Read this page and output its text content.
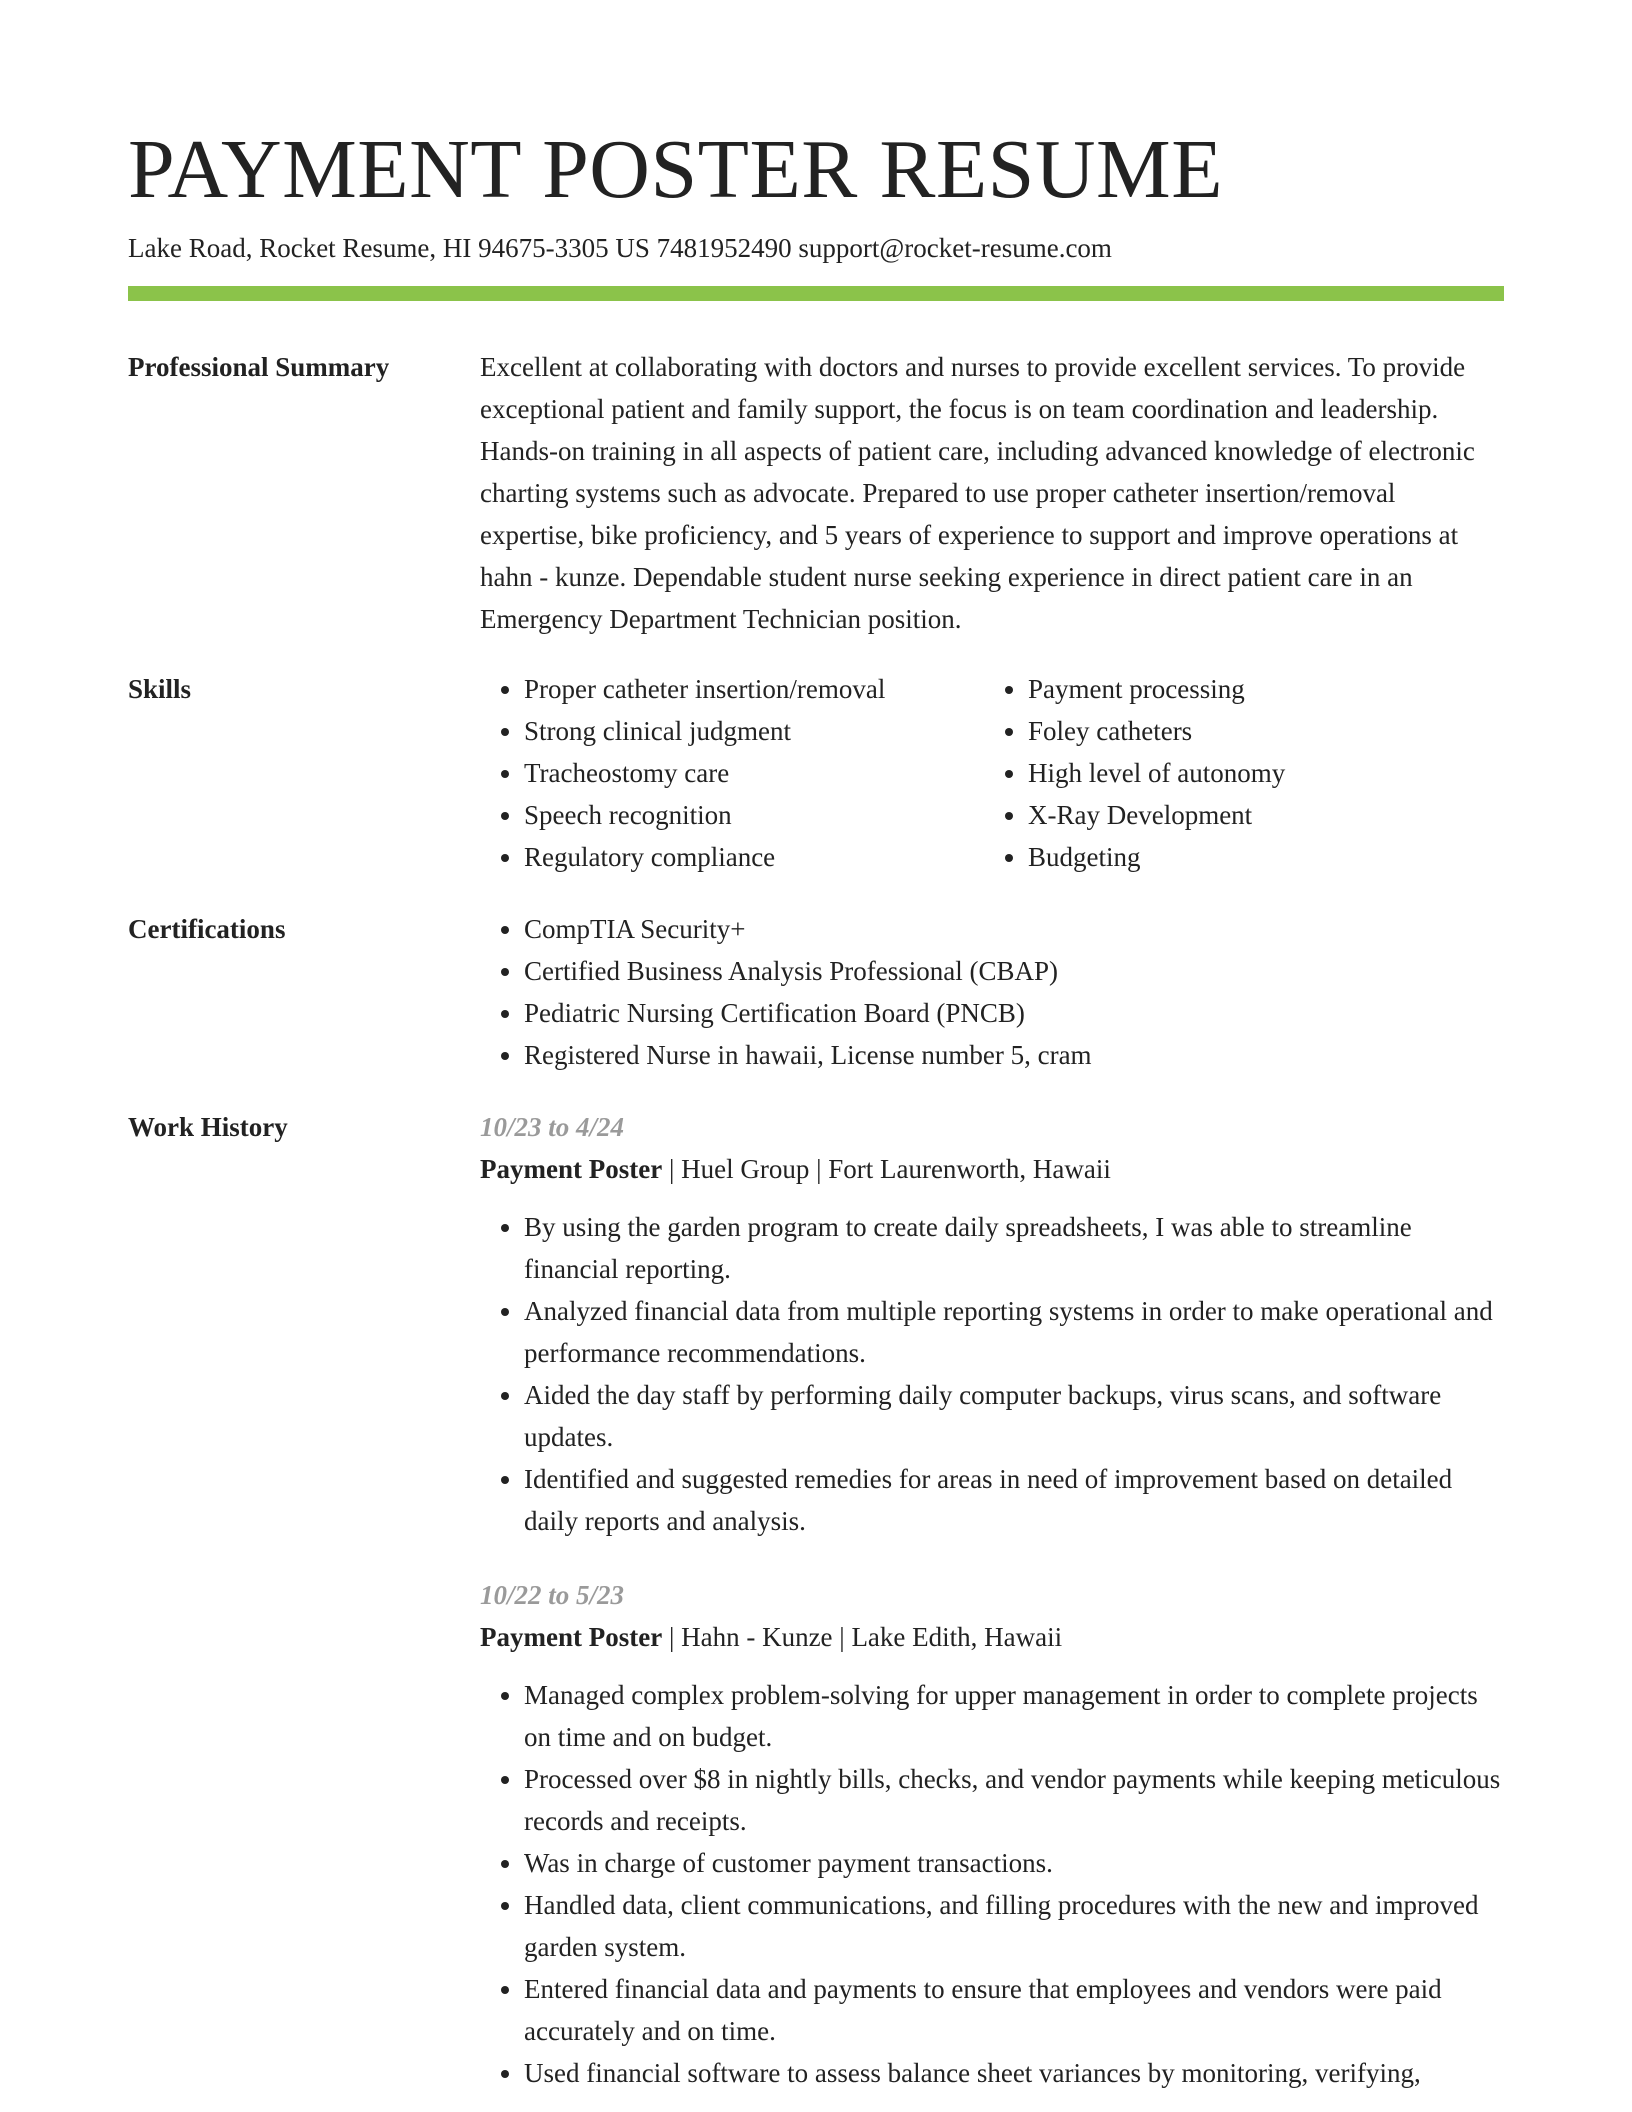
PAYMENT POSTER RESUME
Lake Road, Rocket Resume, HI 94675-3305 US 7481952490 support@rocket-resume.com
Professional Summary	Excellent at collaborating with doctors and nurses to provide excellent services. To provide exceptional patient and family support, the focus is on team coordination and leadership. Hands-on training in all aspects of patient care, including advanced knowledge of electronic charting systems such as advocate. Prepared to use proper catheter insertion/removal expertise, bike proficiency, and 5 years of experience to support and improve operations at hahn - kunze. Dependable student nurse seeking experience in direct patient care in an Emergency Department Technician position.

Skills	• Proper catheter insertion/removal
• Strong clinical judgment
• Tracheostomy care
• Speech recognition
• Regulatory compliance
• Payment processing
• Foley catheters
• High level of autonomy
• X-Ray Development
• Budgeting
Certifications	• CompTIA Security+
• Certified Business Analysis Professional (CBAP)
• Pediatric Nursing Certification Board (PNCB)
• Registered Nurse in hawaii, License number 5, cram
Work History	10/23 to 4/24
Payment Poster | Huel Group | Fort Laurenworth, Hawaii
• By using the garden program to create daily spreadsheets, I was able to streamline financial reporting.
• Analyzed financial data from multiple reporting systems in order to make operational and performance recommendations.
• Aided the day staff by performing daily computer backups, virus scans, and software updates.
• Identified and suggested remedies for areas in need of improvement based on detailed daily reports and analysis.
10/22 to 5/23
Payment Poster | Hahn - Kunze | Lake Edith, Hawaii
• Managed complex problem-solving for upper management in order to complete projects on time and on budget.
• Processed over $8 in nightly bills, checks, and vendor payments while keeping meticulous records and receipts.
• Was in charge of customer payment transactions.
• Handled data, client communications, and filling procedures with the new and improved garden system.
• Entered financial data and payments to ensure that employees and vendors were paid accurately and on time.
• Used financial software to assess balance sheet variances by monitoring, verifying,
